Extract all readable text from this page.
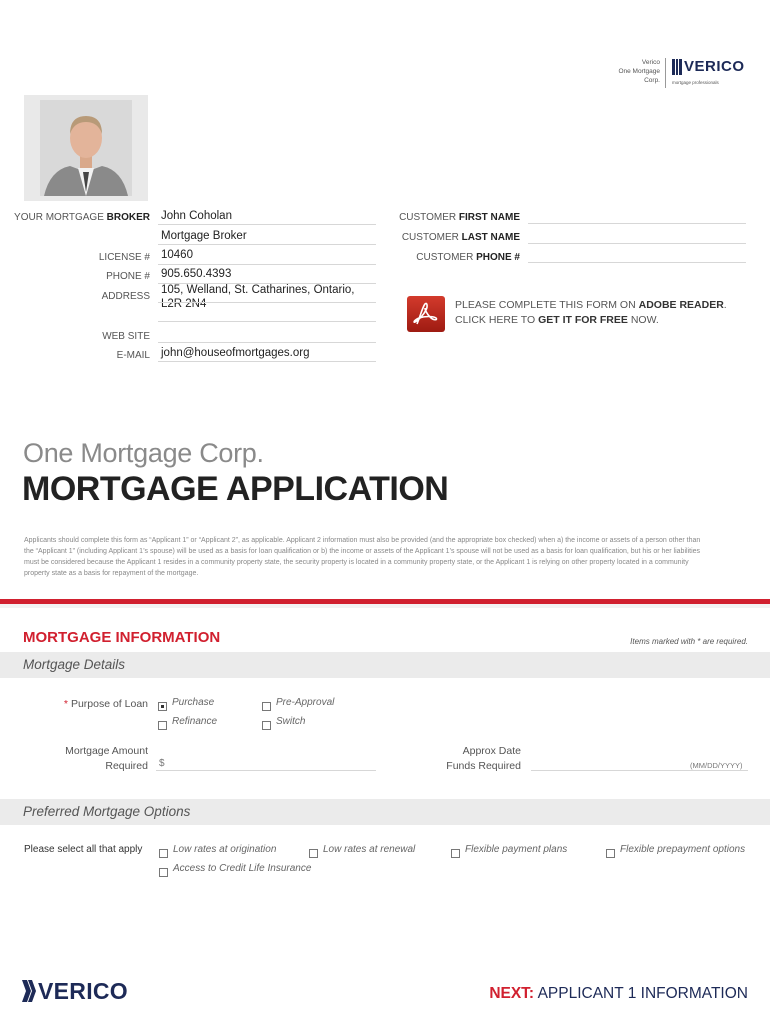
Verico
One Mortgage
Corp.
VERICO
mortgage professionals
YOUR MORTGAGE BROKER John Coholan
Mortgage Broker
LICENSE # 10460
PHONE # 905.650.4393
ADDRESS
105, Welland, St. Catharines, Ontario,
L2R 2N4
WEB SITE
E-MAIL john@houseofmortgages.org
CUSTOMER FIRST NAME
CUSTOMER LAST NAME
CUSTOMER PHONE #
PLEASE COMPLETE THIS FORM ON ADOBE READER.
CLICK HERE TO GET IT FOR FREE NOW.
One Mortgage Corp.
MORTGAGE APPLICATION
Applicants should complete this form as “Applicant 1” or “Applicant 2”, as applicable. Applicant 2 information must also be provided (and the appropriate box checked) when a) the income or assets of a person other than the “Applicant 1” (including Applicant 1’s spouse) will be used as a basis for loan qualification or b) the income or assets of the Applicant 1’s spouse will not be used as a basis for loan qualification, but his or her liabilities must be considered because the Applicant 1 resides in a community property state, the security property is located in a community property state, or the Applicant 1 is relying on other property located in a community property state as a basis for repayment of the mortgage.
MORTGAGE INFORMATION	Items marked with * are required.
Mortgage Details
* Purpose of Loan Purchase	Pre-Approval
Refinance	Switch
Mortgage Amount
Required $
Approx Date
Funds Required	(MM/DD/YYYY)
Preferred Mortgage Options
Please select all that apply	Low rates at origination	Low rates at renewal	Flexible payment plans	Flexible prepayment options
Access to Credit Life Insurance
VERICO	NEXT: APPLICANT 1 INFORMATION
